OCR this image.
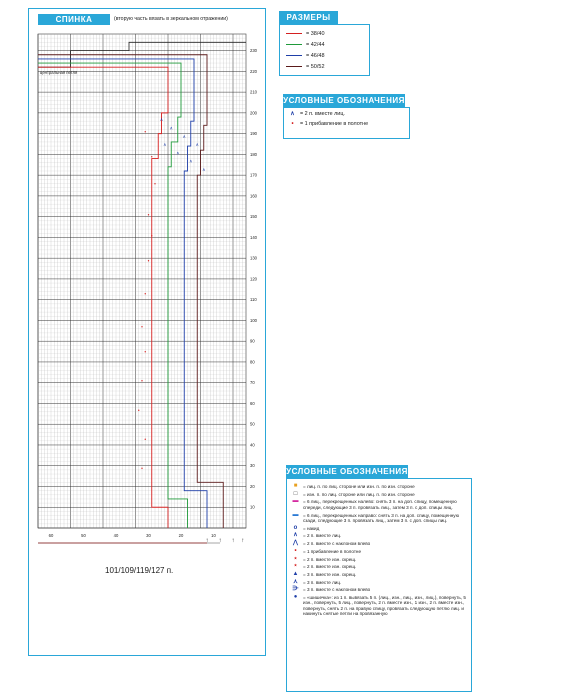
СПИНКА	(вторую часть вязать в зеркальном отражении)
10
20
30
40
50
60
70
80
90
100
110
120
130
140
150
160
170
180
190
200
210
220
230
60	50	40	30	20	10
↑ ↑ ↑ ↑
центральная петля
•
•
•
•
•
•
•
•
•
•
•
•
•
∧
∧
∧
∧
∧
∧
∧
∧
101/109/119/127 п.
РАЗМЕРЫ
= 38/40
= 42/44
= 46/48
= 50/52
УСЛОВНЫЕ ОБОЗНАЧЕНИЯ
∧ = 2 п. вместе лиц.
•	= 1 прибавление в полотне
УСЛОВНЫЕ ОБОЗНАЧЕНИЯ
■	= лиц. п. по лиц. стороне или изн. п. по изн. стороне
□	= изн. п. по лиц. стороне или лиц. п. по изн. стороне
▬ = 6 лиц., перекрещенных налево: снять 3 п. на доп. спицу, помещенную спереди, следующие 3 п. провязать лиц., затем 3 п. с доп. спицы лиц.
▬ = 6 лиц., перекрещенных направо: снять 3 п. на доп. спицу, помещенную сзади, следующие 3 п. провязать лиц., затем 3 п. с доп. спицы лиц.
o	= накид
∧	= 2 п. вместе лиц.
⋀	= 2 п. вместе с наклоном влево
•	= 1 прибавление в полотне
⋆	= 2 п. вместе изн. скрещ.
⋆	= 2 п. вместе изн. скрещ.
▲ = 3 п. вместе изн. скрещ.
⋏	= 3 п. вместе лиц.
⋺ = 3 п. вместе с наклоном влево
●	= «шишечка»: из 1 п. вывязать 5 п. (лиц., изн., лиц., изн., лиц.), повернуть, 5 изн., повернуть, 5 лиц., повернуть, 2 п. вместе изн., 1 изн., 2 п. вместе изн., повернуть, снять 2 п. на правую спицу, провязать следующую петлю лиц. и накинуть снятые петли на провязанную
